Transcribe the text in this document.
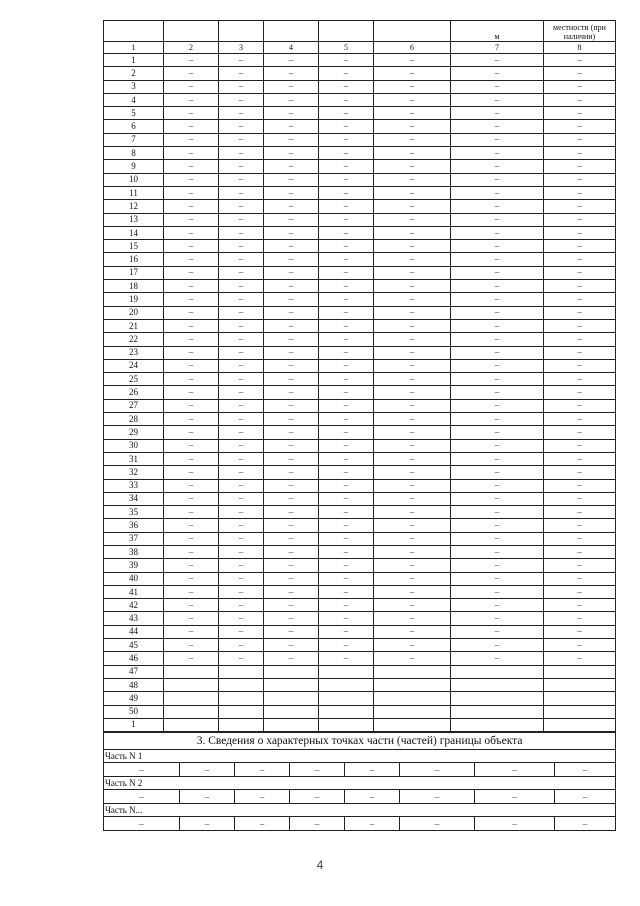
						м	местности (при наличии)
1	2	3	4	5	6	7	8
1	–	–	–	–	–	–	–
2	–	–	–	–	–	–	–
3	–	–	–	–	–	–	–
4	–	–	–	–	–	–	–
5	–	–	–	–	–	–	–
6	–	–	–	–	–	–	–
7	–	–	–	–	–	–	–
8	–	–	–	–	–	–	–
9	–	–	–	–	–	–	–
10	–	–	–	–	–	–	–
11	–	–	–	–	–	–	–
12	–	–	–	–	–	–	–
13	–	–	–	–	–	–	–
14	–	–	–	–	–	–	–
15	–	–	–	–	–	–	–
16	–	–	–	–	–	–	–
17	–	–	–	–	–	–	–
18	–	–	–	–	–	–	–
19	–	–	–	–	–	–	–
20	–	–	–	–	–	–	–
21	–	–	–	–	–	–	–
22	–	–	–	–	–	–	–
23	–	–	–	–	–	–	–
24	–	–	–	–	–	–	–
25	–	–	–	–	–	–	–
26	–	–	–	–	–	–	–
27	–	–	–	–	–	–	–
28	–	–	–	–	–	–	–
29	–	–	–	–	–	–	–
30	–	–	–	–	–	–	–
31	–	–	–	–	–	–	–
32	–	–	–	–	–	–	–
33	–	–	–	–	–	–	–
34	–	–	–	–	–	–	–
35	–	–	–	–	–	–	–
36	–	–	–	–	–	–	–
37	–	–	–	–	–	–	–
38	–	–	–	–	–	–	–
39	–	–	–	–	–	–	–
40	–	–	–	–	–	–	–
41	–	–	–	–	–	–	–
42	–	–	–	–	–	–	–
43	–	–	–	–	–	–	–
44	–	–	–	–	–	–	–
45	–	–	–	–	–	–	–
46	–	–	–	–	–	–	–
47							
48							
49							
50							
1							
3. Сведения о характерных точках части (частей) границы объекта							
Часть N 1							
–	–	–	–	–	–	–	–
Часть N 2							
–	–	–	–	–	–	–	–
Часть N...							
–	–	–	–	–	–	–	–
4
